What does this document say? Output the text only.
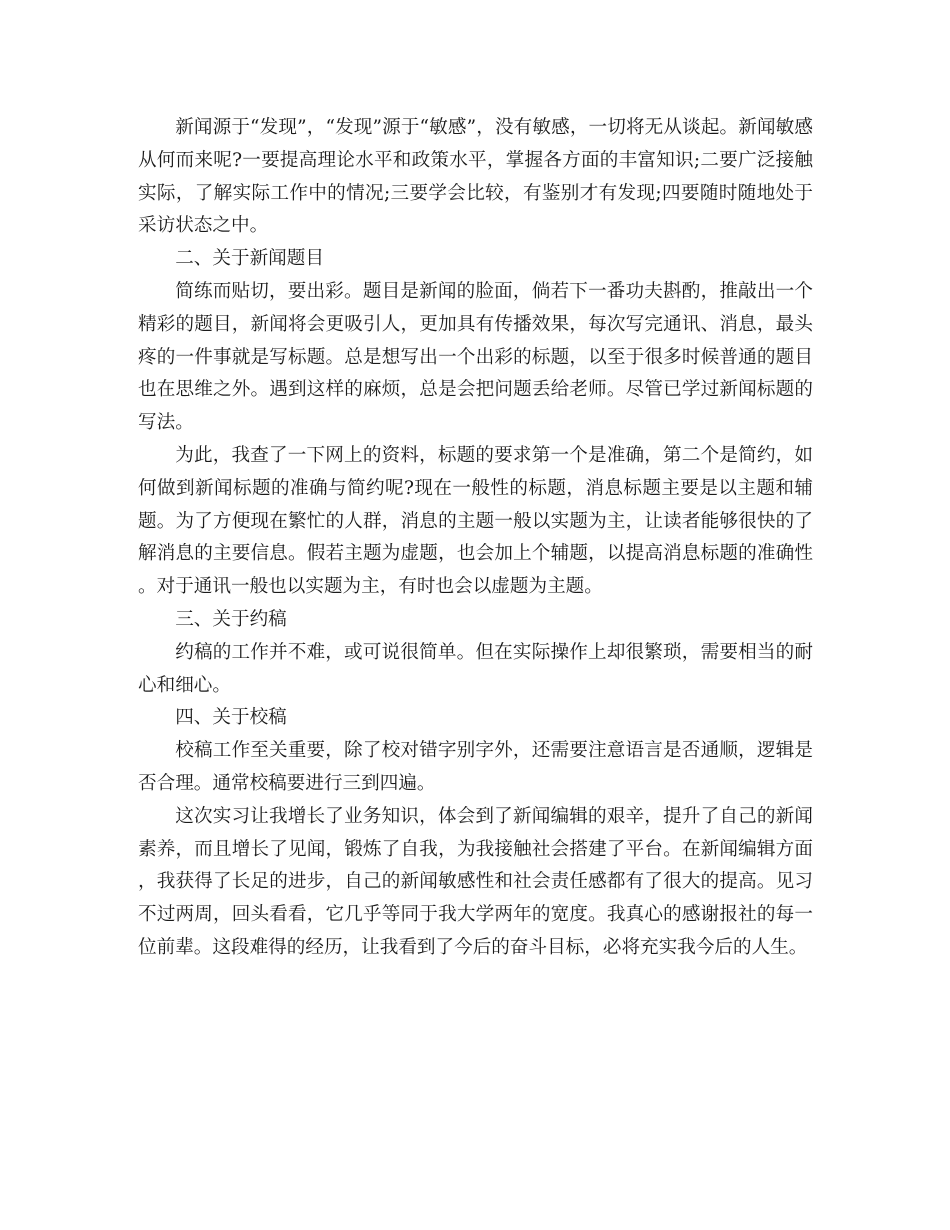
新闻源于“发现”，“发现”源于“敏感”，没有敏感，一切将无从谈起。新闻敏感从何而来呢?一要提高理论水平和政策水平，掌握各方面的丰富知识;二要广泛接触实际，了解实际工作中的情况;三要学会比较，有鉴别才有发现;四要随时随地处于采访状态之中。

二、关于新闻题目

简练而贴切，要出彩。题目是新闻的脸面，倘若下一番功夫斟酌，推敲出一个精彩的题目，新闻将会更吸引人，更加具有传播效果，每次写完通讯、消息，最头疼的一件事就是写标题。总是想写出一个出彩的标题，以至于很多时候普通的题目也在思维之外。遇到这样的麻烦，总是会把问题丢给老师。尽管已学过新闻标题的写法。

为此，我查了一下网上的资料，标题的要求第一个是准确，第二个是简约，如何做到新闻标题的准确与简约呢?现在一般性的标题，消息标题主要是以主题和辅题。为了方便现在繁忙的人群，消息的主题一般以实题为主，让读者能够很快的了解消息的主要信息。假若主题为虚题，也会加上个辅题，以提高消息标题的准确性。对于通讯一般也以实题为主，有时也会以虚题为主题。

三、关于约稿

约稿的工作并不难，或可说很简单。但在实际操作上却很繁琐，需要相当的耐心和细心。

四、关于校稿

校稿工作至关重要，除了校对错字别字外，还需要注意语言是否通顺，逻辑是否合理。通常校稿要进行三到四遍。

这次实习让我增长了业务知识，体会到了新闻编辑的艰辛，提升了自己的新闻素养，而且增长了见闻，锻炼了自我，为我接触社会搭建了平台。在新闻编辑方面，我获得了长足的进步，自己的新闻敏感性和社会责任感都有了很大的提高。见习不过两周，回头看看，它几乎等同于我大学两年的宽度。我真心的感谢报社的每一位前辈。这段难得的经历，让我看到了今后的奋斗目标，必将充实我今后的人生。
